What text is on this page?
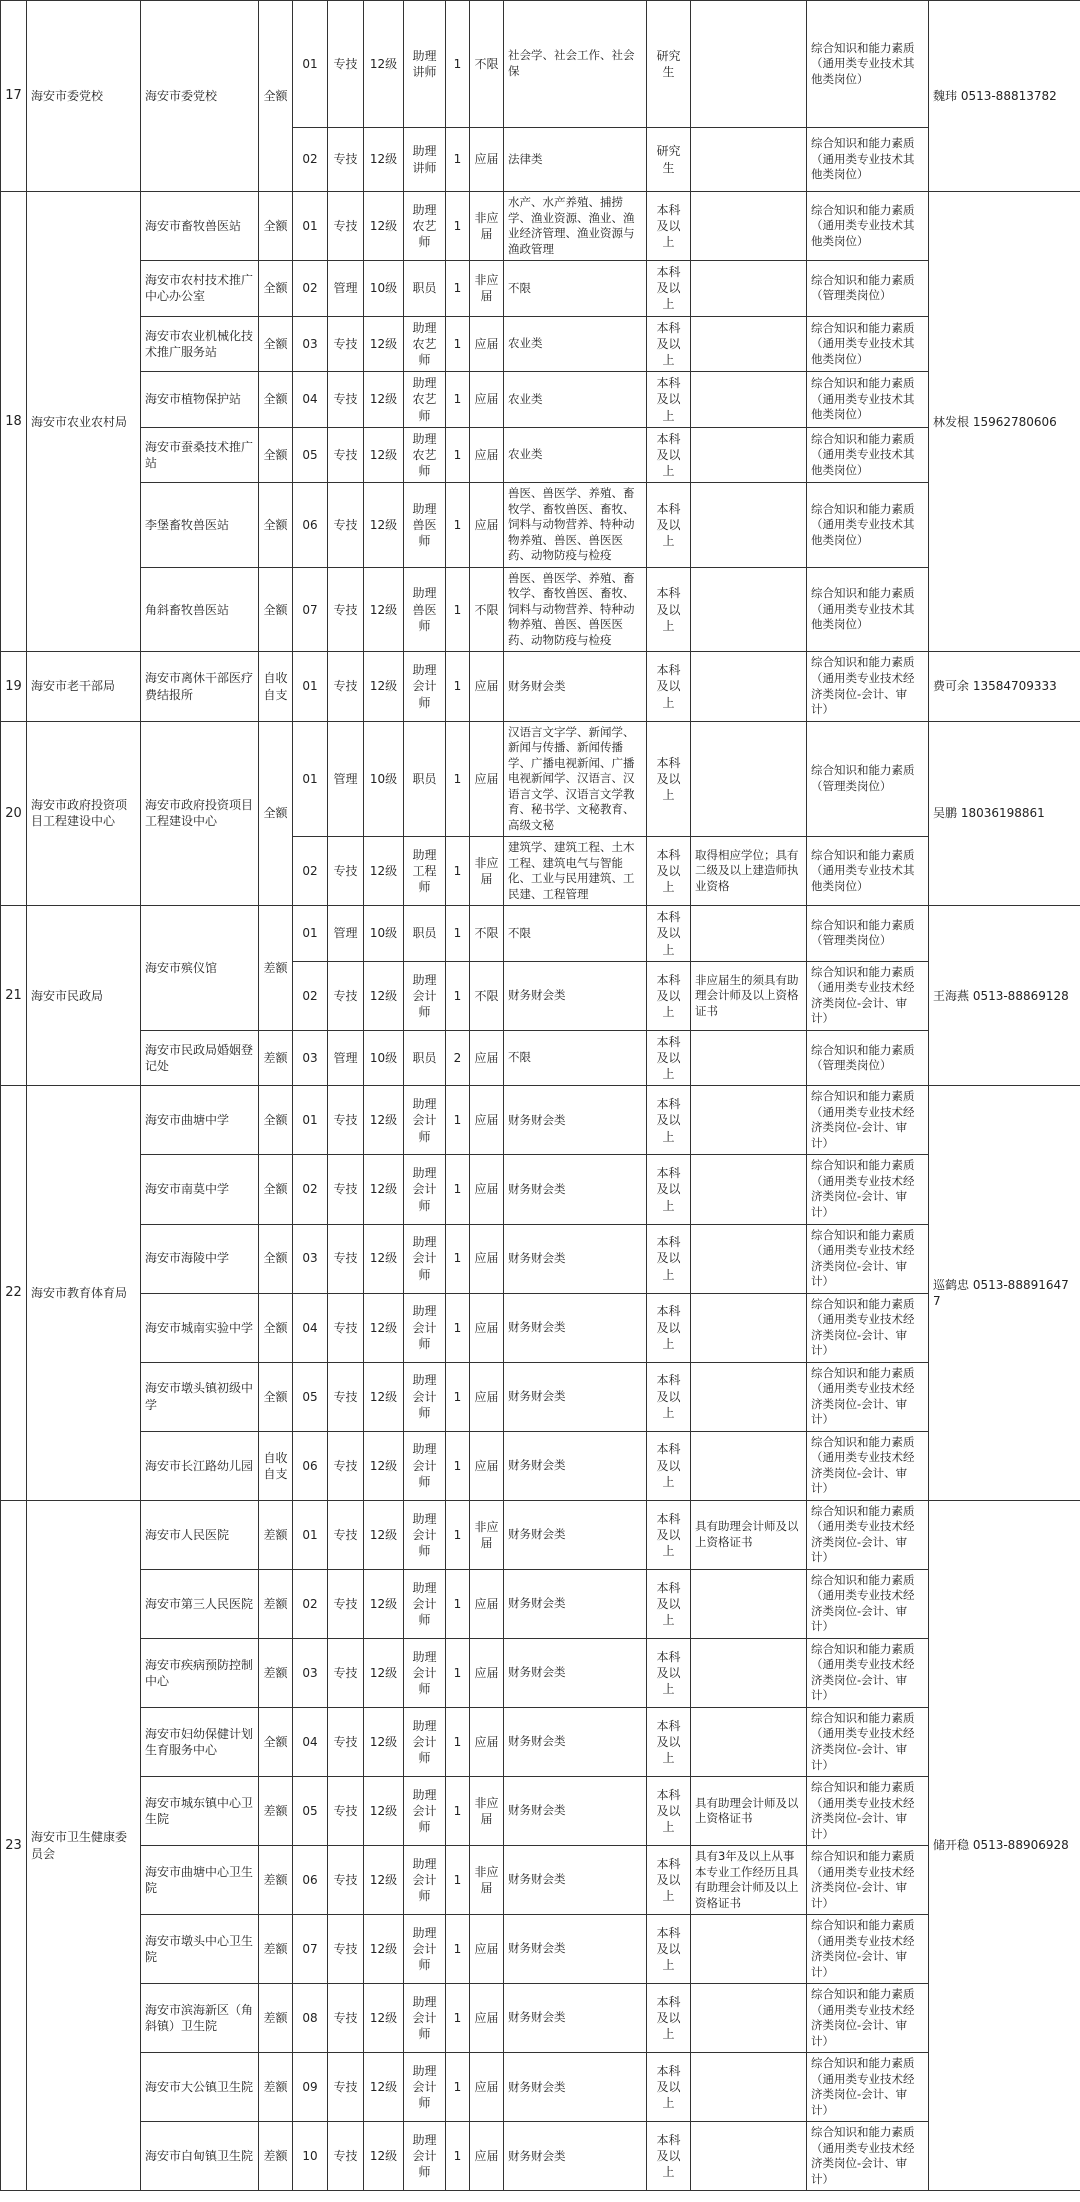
17	海安市委党校	海安市委党校	全额	01	专技	12级	助理讲师	1	不限	社会学、社会工作、社会保	研究生		综合知识和能力素质（通用类专业技术其他类岗位）	魏玮 0513-88813782
				02	专技	12级	助理讲师	1	应届	法律类	研究生		综合知识和能力素质（通用类专业技术其他类岗位）	
18	海安市农业农村局	海安市畜牧兽医站	全额	01	专技	12级	助理农艺师	1	非应届	水产、水产养殖、捕捞学、渔业资源、渔业、渔业经济管理、渔业资源与渔政管理	本科及以上		综合知识和能力素质（通用类专业技术其他类岗位）	林发根 15962780606
		海安市农村技术推广中心办公室	全额	02	管理	10级	职员	1	非应届	不限	本科及以上		综合知识和能力素质（管理类岗位）	
		海安市农业机械化技术推广服务站	全额	03	专技	12级	助理农艺师	1	应届	农业类	本科及以上		综合知识和能力素质（通用类专业技术其他类岗位）	
		海安市植物保护站	全额	04	专技	12级	助理农艺师	1	应届	农业类	本科及以上		综合知识和能力素质（通用类专业技术其他类岗位）	
		海安市蚕桑技术推广站	全额	05	专技	12级	助理农艺师	1	应届	农业类	本科及以上		综合知识和能力素质（通用类专业技术其他类岗位）	
		李堡畜牧兽医站	全额	06	专技	12级	助理兽医师	1	应届	兽医、兽医学、养殖、畜牧学、畜牧兽医、畜牧、饲料与动物营养、特种动物养殖、兽医、兽医医药、动物防疫与检疫	本科及以上		综合知识和能力素质（通用类专业技术其他类岗位）	
		角斜畜牧兽医站	全额	07	专技	12级	助理兽医师	1	不限	兽医、兽医学、养殖、畜牧学、畜牧兽医、畜牧、饲料与动物营养、特种动物养殖、兽医、兽医医药、动物防疫与检疫	本科及以上		综合知识和能力素质（通用类专业技术其他类岗位）	
19	海安市老干部局	海安市离休干部医疗费结报所	自收自支	01	专技	12级	助理会计师	1	应届	财务财会类	本科及以上		综合知识和能力素质（通用类专业技术经济类岗位-会计、审计）	费可余 13584709333
20	海安市政府投资项目工程建设中心	海安市政府投资项目工程建设中心	全额	01	管理	10级	职员	1	应届	汉语言文字学、新闻学、新闻与传播、新闻传播学、广播电视新闻、广播电视新闻学、汉语言、汉语言文学、汉语言文学教育、秘书学、文秘教育、高级文秘	本科及以上		综合知识和能力素质（管理类岗位）	吴鹏 18036198861
				02	专技	12级	助理工程师	1	非应届	建筑学、建筑工程、土木工程、建筑电气与智能化、工业与民用建筑、工民建、工程管理	本科及以上	取得相应学位；具有二级及以上建造师执业资格	综合知识和能力素质（通用类专业技术其他类岗位）	
21	海安市民政局	海安市殡仪馆	差额	01	管理	10级	职员	1	不限	不限	本科及以上		综合知识和能力素质（管理类岗位）	王海燕 0513-88869128
				02	专技	12级	助理会计师	1	不限	财务财会类	本科及以上	非应届生的须具有助理会计师及以上资格证书	综合知识和能力素质（通用类专业技术经济类岗位-会计、审计）	
		海安市民政局婚姻登记处	差额	03	管理	10级	职员	2	应届	不限	本科及以上		综合知识和能力素质（管理类岗位）	
22	海安市教育体育局	海安市曲塘中学	全额	01	专技	12级	助理会计师	1	应届	财务财会类	本科及以上		综合知识和能力素质（通用类专业技术经济类岗位-会计、审计）	巡鹤忠 0513-888916477
		海安市南莫中学	全额	02	专技	12级	助理会计师	1	应届	财务财会类	本科及以上		综合知识和能力素质（通用类专业技术经济类岗位-会计、审计）	
		海安市海陵中学	全额	03	专技	12级	助理会计师	1	应届	财务财会类	本科及以上		综合知识和能力素质（通用类专业技术经济类岗位-会计、审计）	
		海安市城南实验中学	全额	04	专技	12级	助理会计师	1	应届	财务财会类	本科及以上		综合知识和能力素质（通用类专业技术经济类岗位-会计、审计）	
		海安市墩头镇初级中学	全额	05	专技	12级	助理会计师	1	应届	财务财会类	本科及以上		综合知识和能力素质（通用类专业技术经济类岗位-会计、审计）	
		海安市长江路幼儿园	自收自支	06	专技	12级	助理会计师	1	应届	财务财会类	本科及以上		综合知识和能力素质（通用类专业技术经济类岗位-会计、审计）	
23	海安市卫生健康委员会	海安市人民医院	差额	01	专技	12级	助理会计师	1	非应届	财务财会类	本科及以上	具有助理会计师及以上资格证书	综合知识和能力素质（通用类专业技术经济类岗位-会计、审计）	储开稳 0513-88906928
		海安市第三人民医院	差额	02	专技	12级	助理会计师	1	应届	财务财会类	本科及以上		综合知识和能力素质（通用类专业技术经济类岗位-会计、审计）	
		海安市疾病预防控制中心	差额	03	专技	12级	助理会计师	1	应届	财务财会类	本科及以上		综合知识和能力素质（通用类专业技术经济类岗位-会计、审计）	
		海安市妇幼保健计划生育服务中心	全额	04	专技	12级	助理会计师	1	应届	财务财会类	本科及以上		综合知识和能力素质（通用类专业技术经济类岗位-会计、审计）	
		海安市城东镇中心卫生院	差额	05	专技	12级	助理会计师	1	非应届	财务财会类	本科及以上	具有助理会计师及以上资格证书	综合知识和能力素质（通用类专业技术经济类岗位-会计、审计）	
		海安市曲塘中心卫生院	差额	06	专技	12级	助理会计师	1	非应届	财务财会类	本科及以上	具有3年及以上从事本专业工作经历且具有助理会计师及以上资格证书	综合知识和能力素质（通用类专业技术经济类岗位-会计、审计）	
		海安市墩头中心卫生院	差额	07	专技	12级	助理会计师	1	应届	财务财会类	本科及以上		综合知识和能力素质（通用类专业技术经济类岗位-会计、审计）	
		海安市滨海新区（角斜镇）卫生院	差额	08	专技	12级	助理会计师	1	应届	财务财会类	本科及以上		综合知识和能力素质（通用类专业技术经济类岗位-会计、审计）	
		海安市大公镇卫生院	差额	09	专技	12级	助理会计师	1	应届	财务财会类	本科及以上		综合知识和能力素质（通用类专业技术经济类岗位-会计、审计）	
		海安市白甸镇卫生院	差额	10	专技	12级	助理会计师	1	应届	财务财会类	本科及以上		综合知识和能力素质（通用类专业技术经济类岗位-会计、审计）	
